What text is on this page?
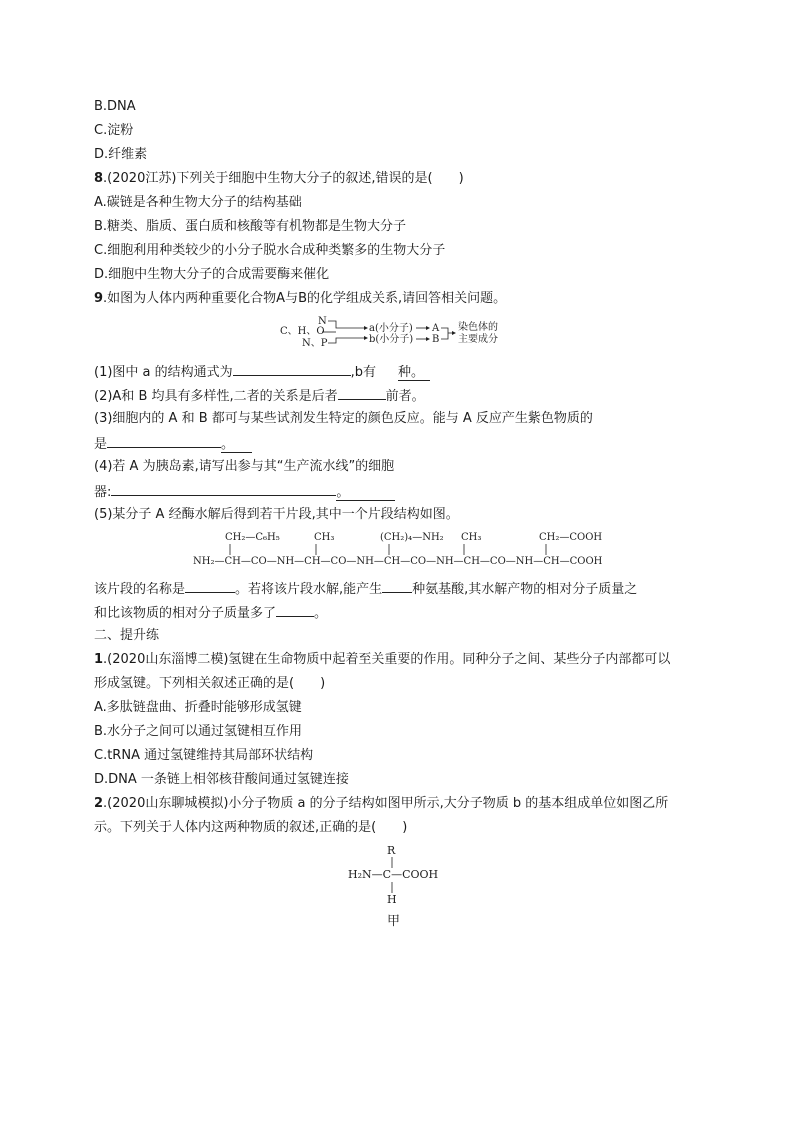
B.DNA
C.淀粉
D.纤维素
8.(2020江苏)下列关于细胞中生物大分子的叙述,错误的是(　　)
A.碳链是各种生物大分子的结构基础
B.糖类、脂质、蛋白质和核酸等有机物都是生物大分子
C.细胞利用种类较少的小分子脱水合成种类繁多的生物大分子
D.细胞中生物大分子的合成需要酶来催化
9.如图为人体内两种重要化合物A与B的化学组成关系,请回答相关问题。
C、H、O
N
N、P
a(小分子)
b(小分子)
A
B
染色体的
主要成分
(1)图中 a 的结构通式为	,b有 种。
(2)A和 B 均具有多样性,二者的关系是后者	前者。
(3)细胞内的 A 和 B 都可与某些试剂发生特定的颜色反应。能与 A 反应产生紫色物质的
是	。
(4)若 A 为胰岛素,请写出参与其“生产流水线”的细胞
器:	。
(5)某分子 A 经酶水解后得到若干片段,其中一个片段结构如图。
CH₂—C₆H₅	CH₃	(CH₂)₄—NH₂ CH₃	CH₂—COOH
NH₂—CH—CO—NH—CH—CO—NH—CH—CO—NH—CH—CO—NH—CH—COOH
该片段的名称是	。若将该片段水解,能产生 种氨基酸,其水解产物的相对分子质量之
和比该物质的相对分子质量多了	。
二、提升练
1.(2020山东淄博二模)氢键在生命物质中起着至关重要的作用。同种分子之间、某些分子内部都可以
形成氢键。下列相关叙述正确的是(　　)
A.多肽链盘曲、折叠时能够形成氢键
B.水分子之间可以通过氢键相互作用
C.tRNA 通过氢键维持其局部环状结构
D.DNA 一条链上相邻核苷酸间通过氢键连接
2.(2020山东聊城模拟)小分子物质 a 的分子结构如图甲所示,大分子物质 b 的基本组成单位如图乙所
示。下列关于人体内这两种物质的叙述,正确的是(　　)
R
H₂N—C—COOH
H
甲
